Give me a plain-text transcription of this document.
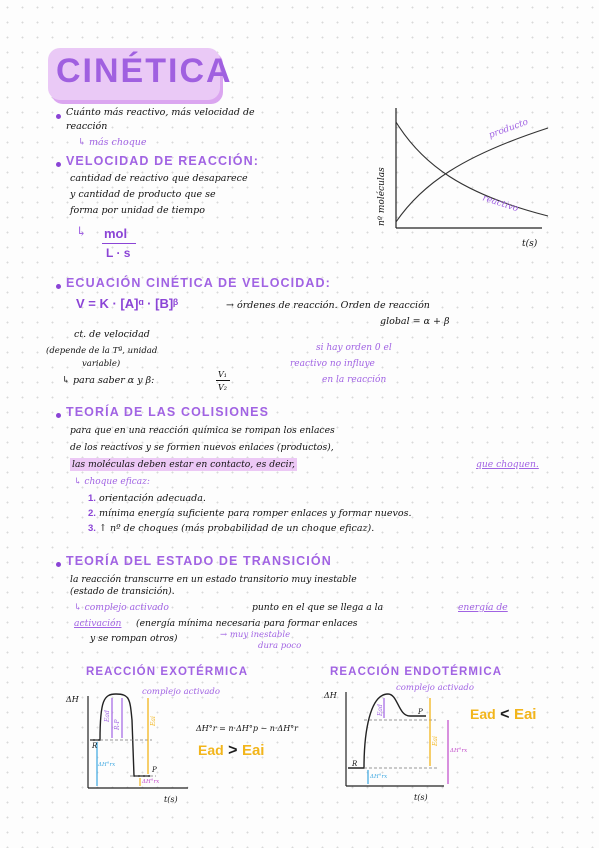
CINÉTICA
Cuánto más reactivo, más velocidad de
reacción
↳ más choque
nº moléculas
t(s)
producto
reactivo
VELOCIDAD DE REACCIÓN:
cantidad de reactivo que desaparece
y cantidad de producto que se
forma por unidad de tiempo
↳ mol
L · s
ECUACIÓN CINÉTICA DE VELOCIDAD:
V = K · [A]ᵅ · [B]ᵝ	→ órdenes de reacción. Orden de reacción
global = α + β
ct. de velocidad
(depende de la Tª, unidad
variable)
↳ para saber α y β:
V₁
V₂
si hay orden 0 el
reactivo no influye
en la reacción
TEORÍA DE LAS COLISIONES
para que en una reacción química se rompan los enlaces
de los reactivos y se formen nuevos enlaces (productos),
las moléculas deben estar en contacto, es decir,	que choquen.
↳ choque eficaz:
1. orientación adecuada.
2. mínima energía suficiente para romper enlaces y formar nuevos.
3. ↑ nº de choques (más probabilidad de un choque eficaz).
TEORÍA DEL ESTADO DE TRANSICIÓN
la reacción transcurre en un estado transitorio muy inestable
(estado de transición).
↳ complejo activado	punto en el que se llega a la	energía de
activación (energía mínima necesaria para formar enlaces
y se rompan otros)	→ muy inestable
dura poco
REACCIÓN EXOTÉRMICA
ΔH
t(s)
R
P
Ead
R-P	Eai
ΔH°rx
ΔH°rx
complejo activado
ΔH°r = n·ΔH°p − n·ΔH°r
Ead > Eai
REACCIÓN ENDOTÉRMICA
ΔH
t(s)
R
P
Ead
Eai
ΔH°rx
ΔH°rx
complejo activado
Ead < Eai
